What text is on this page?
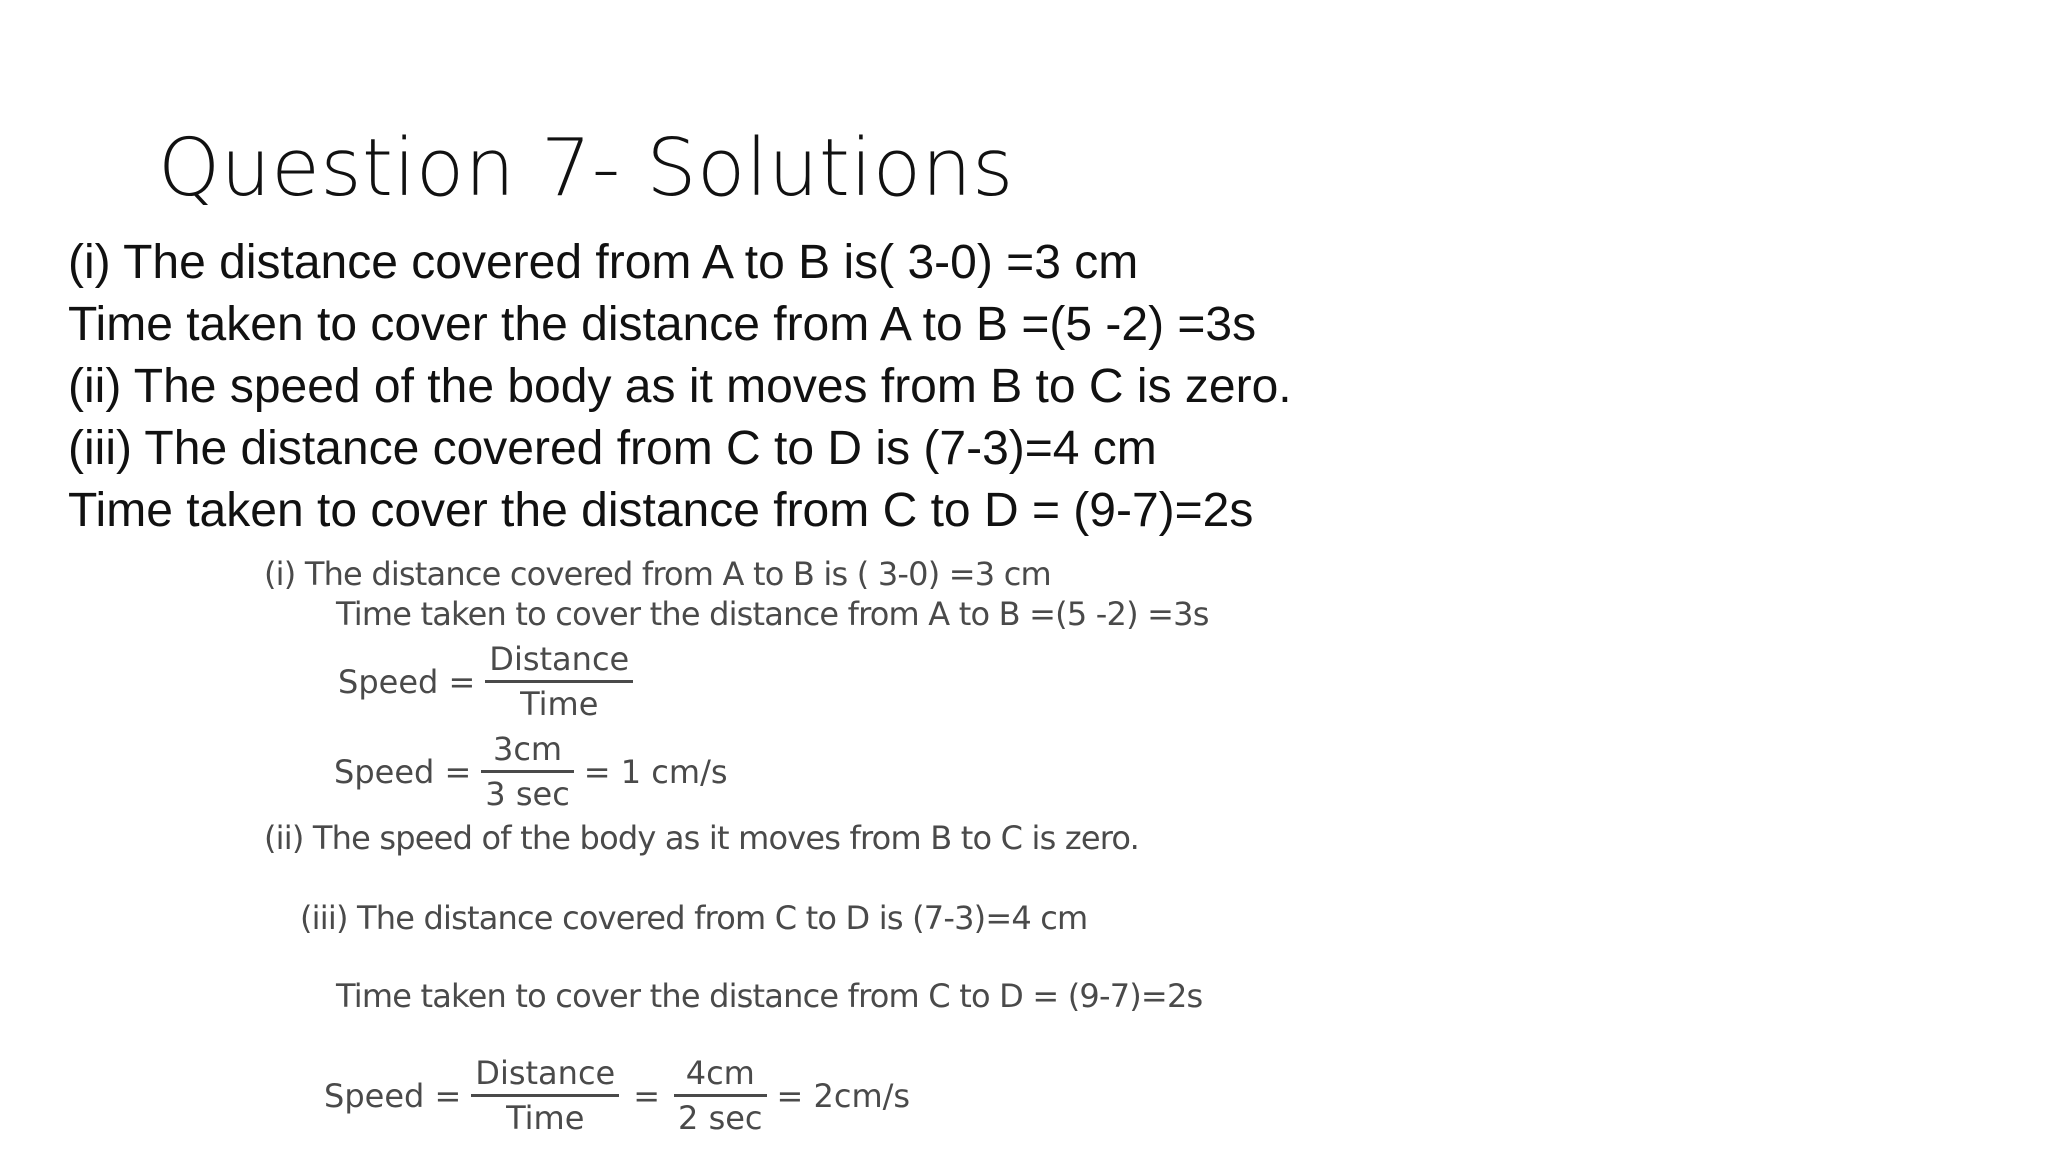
Question 7- Solutions
(i) The distance covered from A to B is( 3-0) =3 cm
Time taken to cover the distance from A to B =(5 -2) =3s
(ii) The speed of the body as it moves from B to C is zero.
(iii) The distance covered from C to D is (7-3)=4 cm
Time taken to cover the distance from C to D = (9-7)=2s
(i) The distance covered from A to B is ( 3-0) =3 cm
Time taken to cover the distance from A to B =(5 -2) =3s
Speed = $\frac{\text{Distance}}{\text{Time}}$
Speed = $\frac{3cm}{3 \sec} = 1$ cm/s
(ii) The speed of the body as it moves from B to C is zero.
(iii) The distance covered from C to D is (7-3)=4 cm
Time taken to cover the distance from C to D = (9-7)=2s
Speed = $\frac{\text{Distance}}{\text{Time}} = \frac{4cm}{2 \sec} = 2cm/s$
